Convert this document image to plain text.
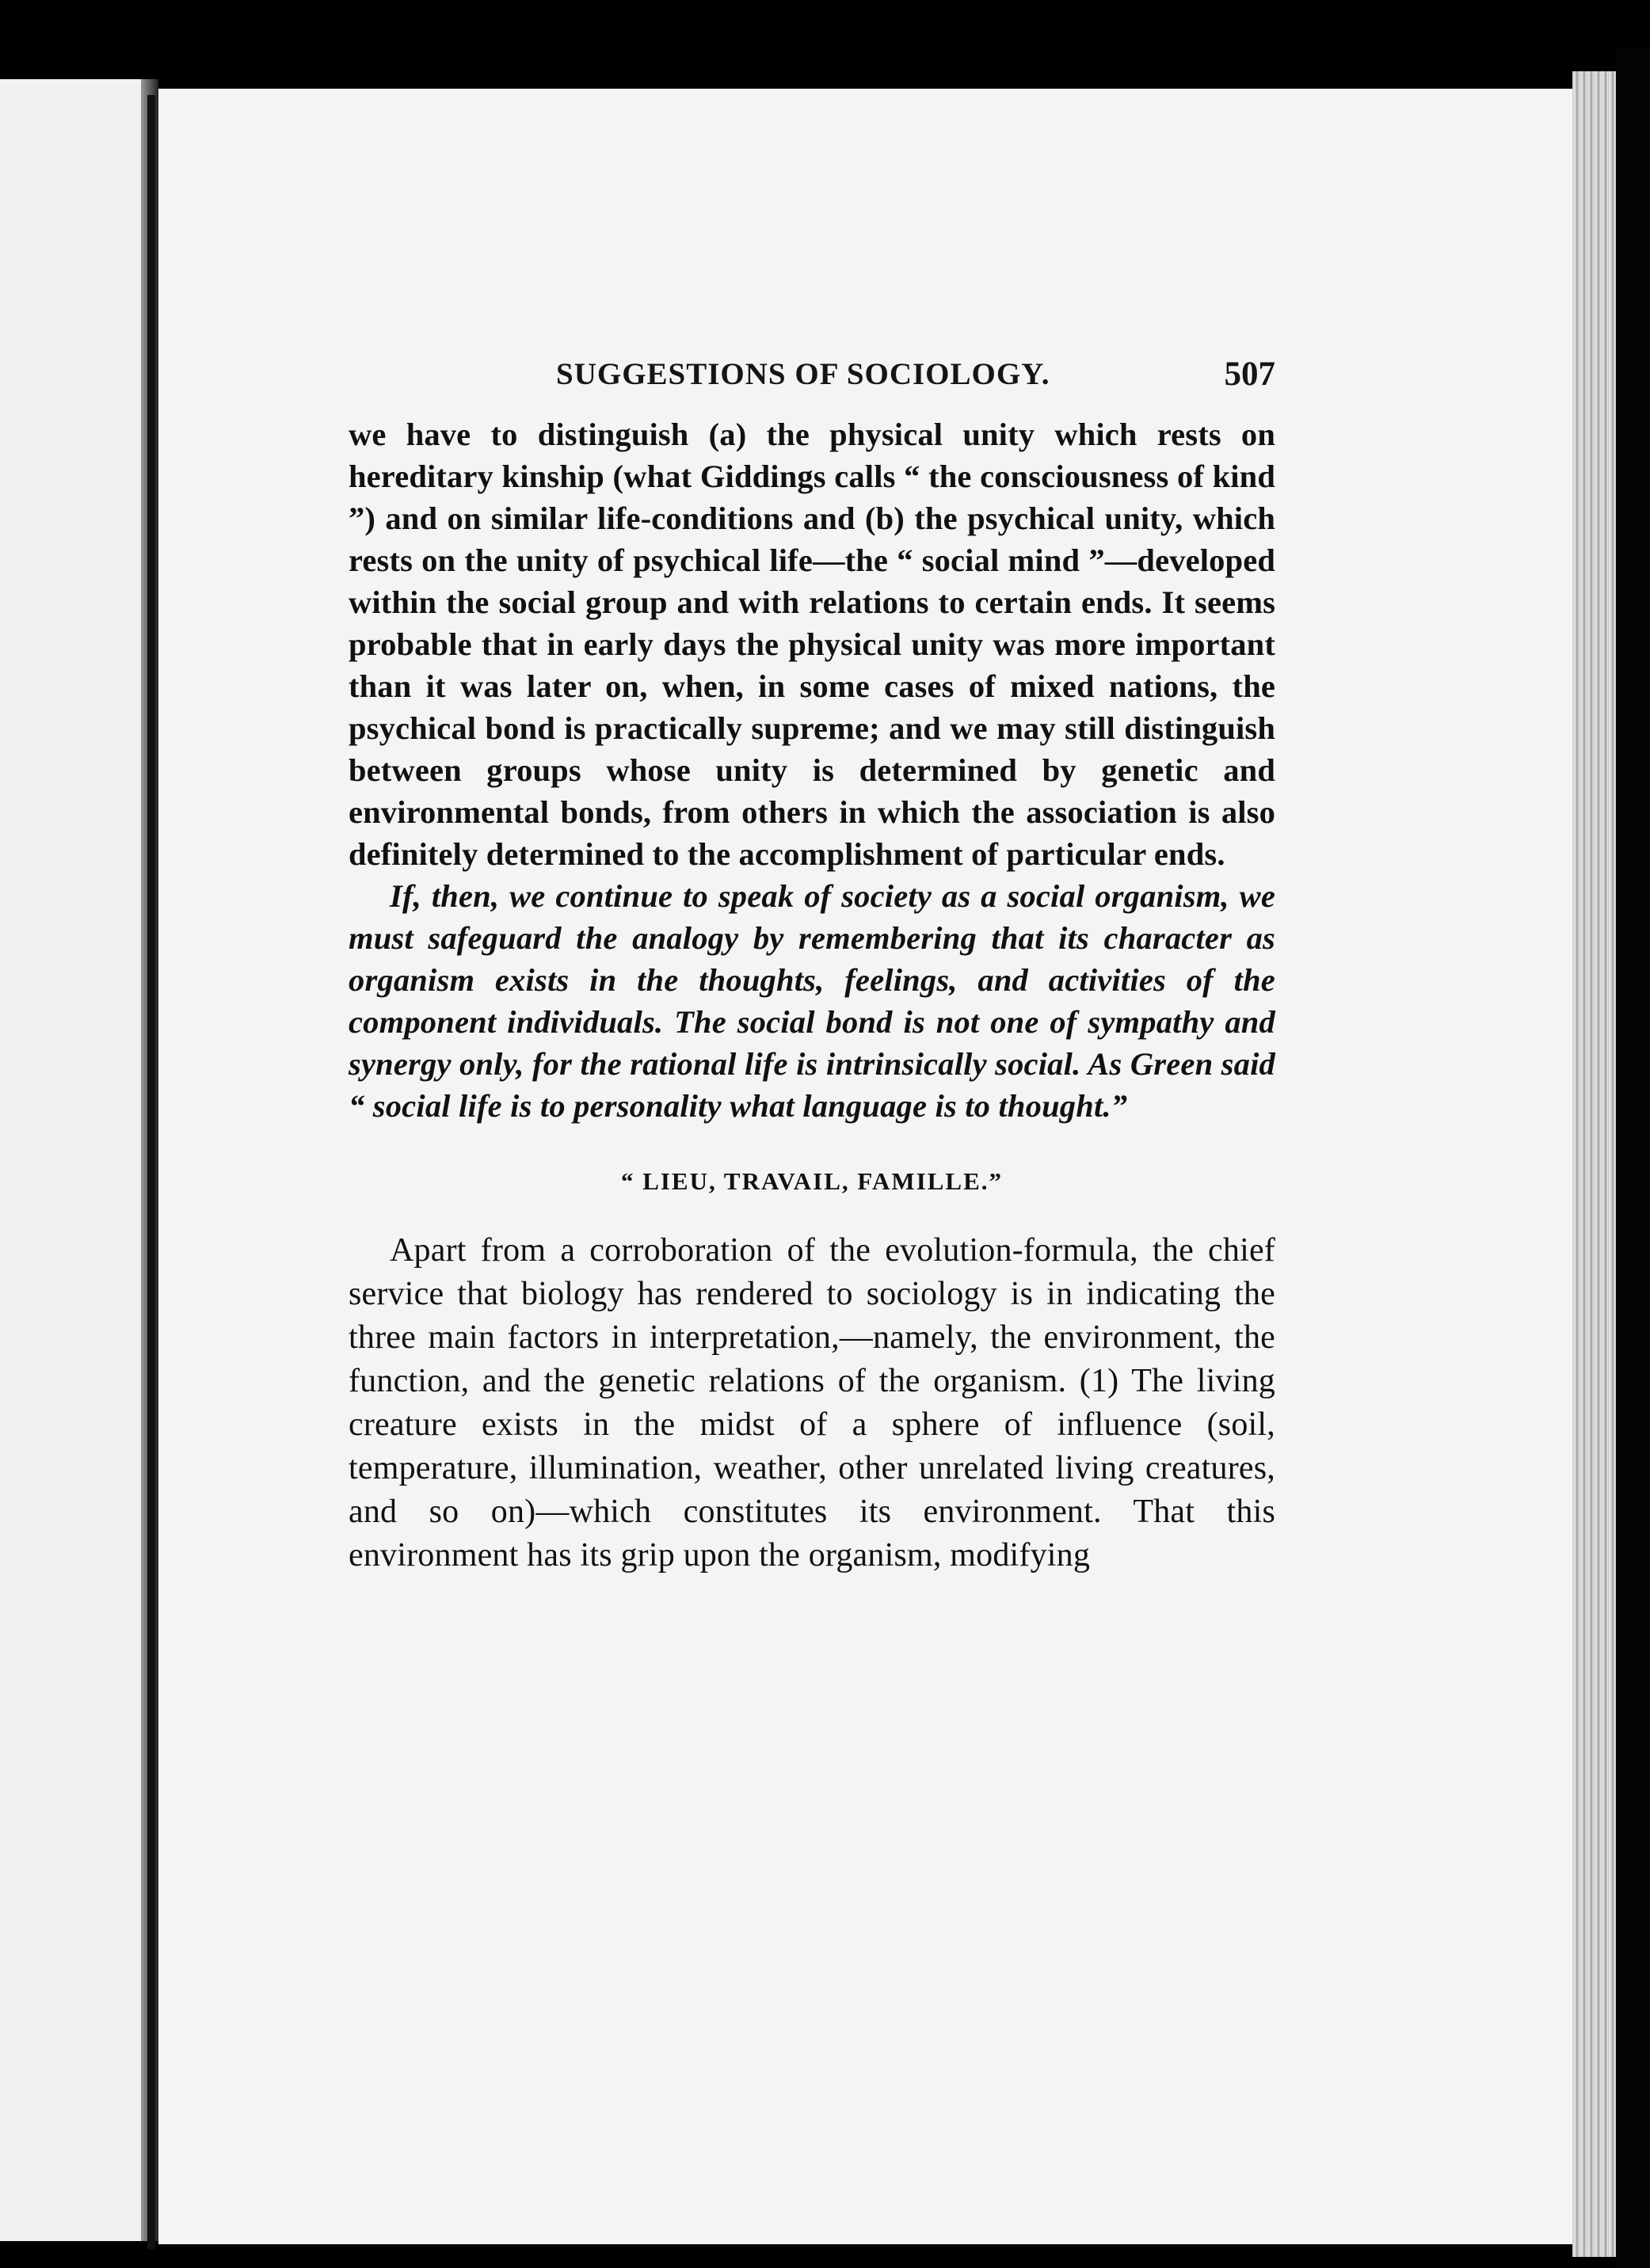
SUGGESTIONS OF SOCIOLOGY.	507

we have to distinguish (a) the physical unity which rests on hereditary kinship (what Giddings calls “ the consciousness of kind ”) and on similar life-conditions and (b) the psychical unity, which rests on the unity of psychical life—the “ social mind ”—developed within the social group and with relations to certain ends. It seems probable that in early days the physical unity was more important than it was later on, when, in some cases of mixed nations, the psychical bond is practically supreme; and we may still distinguish between groups whose unity is determined by genetic and environmental bonds, from others in which the association is also definitely determined to the accomplishment of particular ends.

If, then, we continue to speak of society as a social organism, we must safeguard the analogy by remembering that its character as organism exists in the thoughts, feelings, and activities of the component individuals. The social bond is not one of sympathy and synergy only, for the rational life is intrinsically social. As Green said “ social life is to personality what language is to thought.”

“ LIEU, TRAVAIL, FAMILLE.”

Apart from a corroboration of the evolution-formula, the chief service that biology has rendered to sociology is in indicating the three main factors in interpretation,—namely, the environment, the function, and the genetic relations of the organism. (1) The living creature exists in the midst of a sphere of influence (soil, temperature, illumination, weather, other unrelated living creatures, and so on)—which constitutes its environment. That this environment has its grip upon the organism, modifying
